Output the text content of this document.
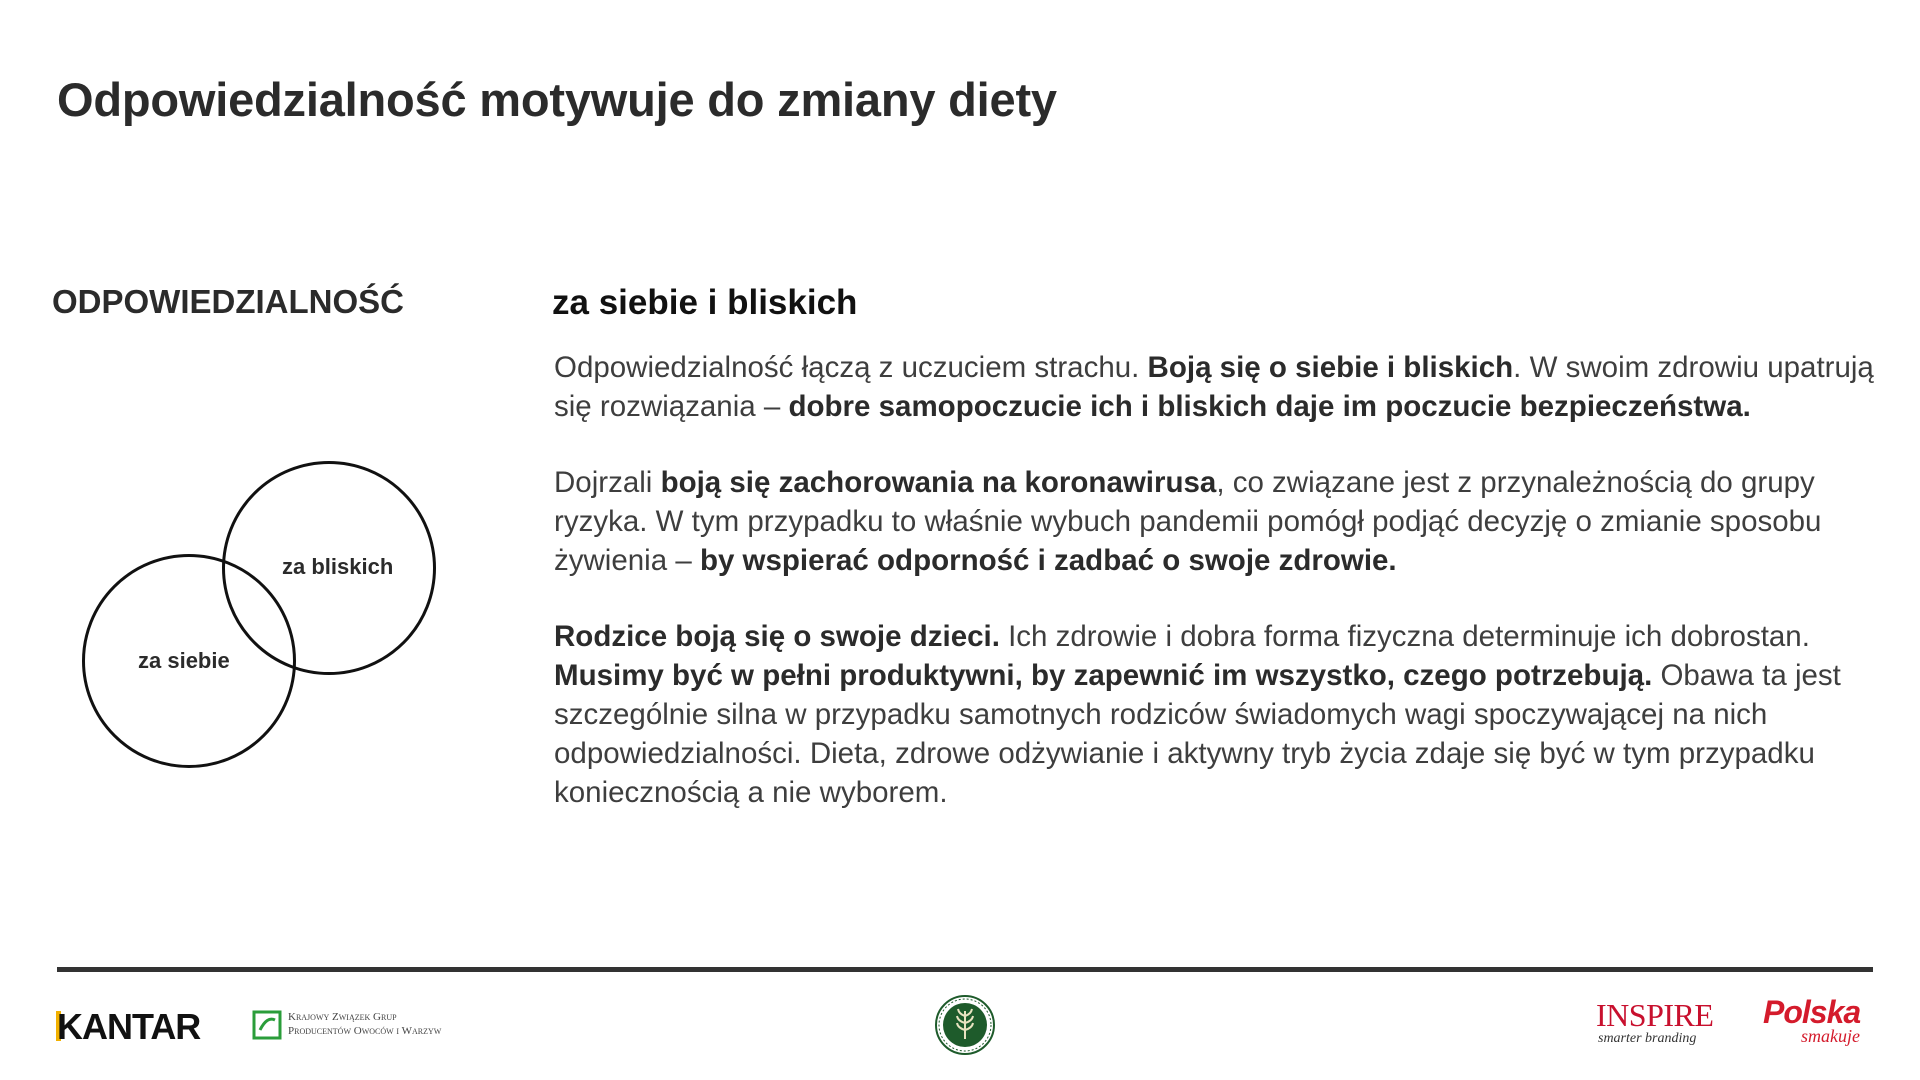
Odpowiedzialność motywuje do zmiany diety
ODPOWIEDZIALNOŚĆ	za siebie i bliskich
za siebie
za bliskich

Odpowiedzialność łączą z uczuciem strachu. Boją się o siebie i bliskich. W swoim zdrowiu upatrują się rozwiązania – dobre samopoczucie ich i bliskich daje im poczucie bezpieczeństwa.

Dojrzali boją się zachorowania na koronawirusa, co związane jest z przynależnością do grupy ryzyka. W tym przypadku to właśnie wybuch pandemii pomógł podjąć decyzję o zmianie sposobu żywienia – by wspierać odporność i zadbać o swoje zdrowie.

Rodzice boją się o swoje dzieci. Ich zdrowie i dobra forma fizyczna determinuje ich dobrostan. Musimy być w pełni produktywni, by zapewnić im wszystko, czego potrzebują. Obawa ta jest szczególnie silna w przypadku samotnych rodziców świadomych wagi spoczywającej na nich odpowiedzialności. Dieta, zdrowe odżywianie i aktywny tryb życia zdaje się być w tym przypadku koniecznością a nie wyborem.

KANTAR	Krajowy Związek Grup
Producentów Owoców i Warzyw	INSPIRE
smarter branding
Polska
smakuje
